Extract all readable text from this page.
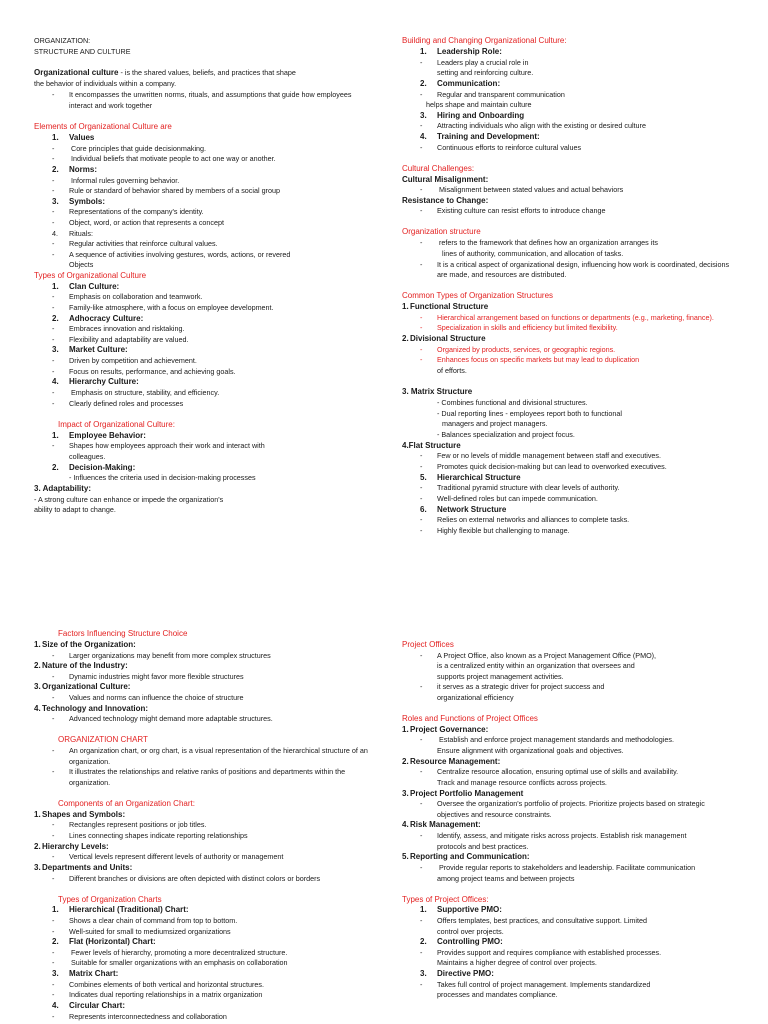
ORGANIZATION:
STRUCTURE AND CULTURE
Organizational culture - is the shared values, beliefs, and practices that shape
the behavior of individuals within a company.
- It encompasses the unwritten norms, rituals, and assumptions that guide how employees
interact and work together
Elements of Organizational Culture are
1. Values
- Core principles that guide decisionmaking.
- Individual beliefs that motivate people to act one way or another.
2. Norms:
- Informal rules governing behavior.
- Rule or standard of behavior shared by members of a social group
3. Symbols:
- Representations of the company's identity.
- Object, word, or action that represents a concept
4. Rituals:
- Regular activities that reinforce cultural values.
- A sequence of activities involving gestures, words, actions, or revered
Objects
Types of Organizational Culture
1. Clan Culture:
- Emphasis on collaboration and teamwork.
- Family-like atmosphere, with a focus on employee development.
2. Adhocracy Culture:
- Embraces innovation and risktaking.
- Flexibility and adaptability are valued.
3. Market Culture:
- Driven by competition and achievement.
- Focus on results, performance, and achieving goals.
4. Hierarchy Culture:
- Emphasis on structure, stability, and efficiency.
- Clearly defined roles and processes
Impact of Organizational Culture:
1. Employee Behavior:
- Shapes how employees approach their work and interact with
colleagues.
2. Decision-Making:
- Influences the criteria used in decision-making processes
3. Adaptability:
- A strong culture can enhance or impede the organization's
ability to adapt to change.
Building and Changing Organizational Culture:
1. Leadership Role:
- Leaders play a crucial role in
setting and reinforcing culture.
2. Communication:
- Regular and transparent communication
helps shape and maintain culture
3. Hiring and Onboarding
- Attracting individuals who align with the existing or desired culture
4. Training and Development:
- Continuous efforts to reinforce cultural values
Cultural Challenges:
Cultural Misalignment:
- Misalignment between stated values and actual behaviors
Resistance to Change:
- Existing culture can resist efforts to introduce change
Organization structure
- refers to the framework that defines how an organization arranges its
lines of authority, communication, and allocation of tasks.
- It is a critical aspect of organizational design, influencing how work is coordinated, decisions
are made, and resources are distributed.
Common Types of Organization Structures
1.Functional Structure
- Hierarchical arrangement based on functions or departments (e.g., marketing, finance).
- Specialization in skills and efficiency but limited flexibility.
2.Divisional Structure
- Organized by products, services, or geographic regions.
- Enhances focus on specific markets but may lead to duplication
of efforts.
3. Matrix Structure
- Combines functional and divisional structures.
- Dual reporting lines - employees report both to functional
managers and project managers.
- Balances specialization and project focus.
4.Flat Structure
- Few or no levels of middle management between staff and executives.
- Promotes quick decision-making but can lead to overworked executives.
5. Hierarchical Structure
- Traditional pyramid structure with clear levels of authority.
- Well-defined roles but can impede communication.
6. Network Structure
- Relies on external networks and alliances to complete tasks.
- Highly flexible but challenging to manage.
Factors Influencing Structure Choice
1.Size of the Organization:
- Larger organizations may benefit from more complex structures
2.Nature of the Industry:
- Dynamic industries might favor more flexible structures
3.Organizational Culture:
- Values and norms can influence the choice of structure
4.Technology and Innovation:
- Advanced technology might demand more adaptable structures.
ORGANIZATION CHART
- An organization chart, or org chart, is a visual representation of the hierarchical structure of an
organization.
- It illustrates the relationships and relative ranks of positions and departments within the
organization.
Components of an Organization Chart:
1.Shapes and Symbols:
- Rectangles represent positions or job titles.
- Lines connecting shapes indicate reporting relationships
2.Hierarchy Levels:
- Vertical levels represent different levels of authority or management
3.Departments and Units:
- Different branches or divisions are often depicted with distinct colors or borders
Types of Organization Charts
1. Hierarchical (Traditional) Chart:
- Shows a clear chain of command from top to bottom.
- Well-suited for small to mediumsized organizations
2. Flat (Horizontal) Chart:
- Fewer levels of hierarchy, promoting a more decentralized structure.
- Suitable for smaller organizations with an emphasis on collaboration
3. Matrix Chart:
- Combines elements of both vertical and horizontal structures.
- Indicates dual reporting relationships in a matrix organization
4. Circular Chart:
- Represents interconnectedness and collaboration
Project Offices
- A Project Office, also known as a Project Management Office (PMO),
is a centralized entity within an organization that oversees and
supports project management activities.
- it serves as a strategic driver for project success and
organizational efficiency
Roles and Functions of Project Offices
1.Project Governance:
- Establish and enforce project management standards and methodologies.
Ensure alignment with organizational goals and objectives.
2.Resource Management:
- Centralize resource allocation, ensuring optimal use of skills and availability.
Track and manage resource conflicts across projects.
3.Project Portfolio Management
- Oversee the organization's portfolio of projects. Prioritize projects based on strategic
objectives and resource constraints.
4.Risk Management:
- Identify, assess, and mitigate risks across projects. Establish risk management
protocols and best practices.
5.Reporting and Communication:
- Provide regular reports to stakeholders and leadership. Facilitate communication
among project teams and between projects
Types of Project Offices:
1. Supportive PMO:
- Offers templates, best practices, and consultative support. Limited
control over projects.
2. Controlling PMO:
- Provides support and requires compliance with established processes.
Maintains a higher degree of control over projects.
3. Directive PMO:
- Takes full control of project management. Implements standardized
processes and mandates compliance.
